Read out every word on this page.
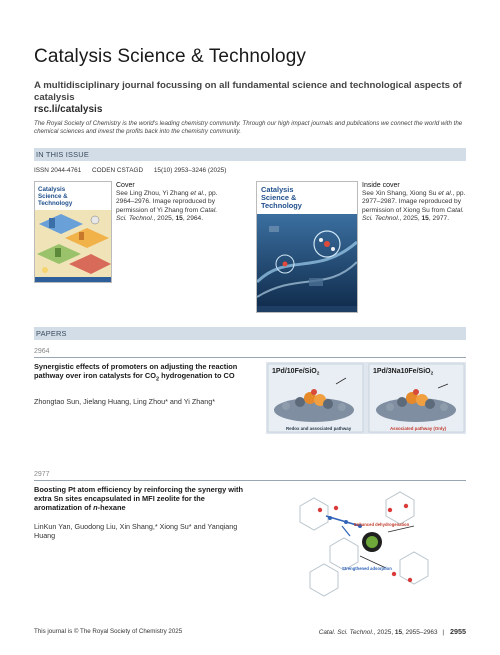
Catalysis Science & Technology
A multidisciplinary journal focussing on all fundamental science and technological aspects of catalysis
rsc.li/catalysis
The Royal Society of Chemistry is the world's leading chemistry community. Through our high impact journals and publications we connect the world with the chemical sciences and invest the profits back into the chemistry community.
IN THIS ISSUE
ISSN 2044-4761 CODEN CSTAGD 15(10) 2953–3246 (2025)
Catalysis
Science &
Technology
Cover
See Ling Zhou, Yi Zhang et al., pp. 2964–2976. Image reproduced by permission of Yi Zhang from Catal. Sci. Technol., 2025, 15, 2964.
Catalysis
Science &
Technology
Inside cover
See Xin Shang, Xiong Su et al., pp. 2977–2987. Image reproduced by permission of Xiong Su from Catal. Sci. Technol., 2025, 15, 2977.
PAPERS
2964
Synergistic effects of promoters on adjusting the reaction pathway over iron catalysts for $CO_2$ hydrogenation to CO
Zhongtao Sun, Jielang Huang, Ling Zhou* and Yi Zhang*
1Pd/10Fe/SiO$_2$	1Pd/3Na10Fe/SiO$_2$
Redox and associated pathway	Associated pathway (Only)
2977
Boosting Pt atom efficiency by reinforcing the synergy with extra Sn sites encapsulated in MFI zeolite for the aromatization of n-hexane
LinKun Yan, Guodong Liu, Xin Shang,* Xiong Su* and Yanqiang Huang
Enhanced dehydrogenation
Strengthened adsorption
This journal is © The Royal Society of Chemistry 2025	Catal. Sci. Technol., 2025, 15, 2955–2963 | 2955
